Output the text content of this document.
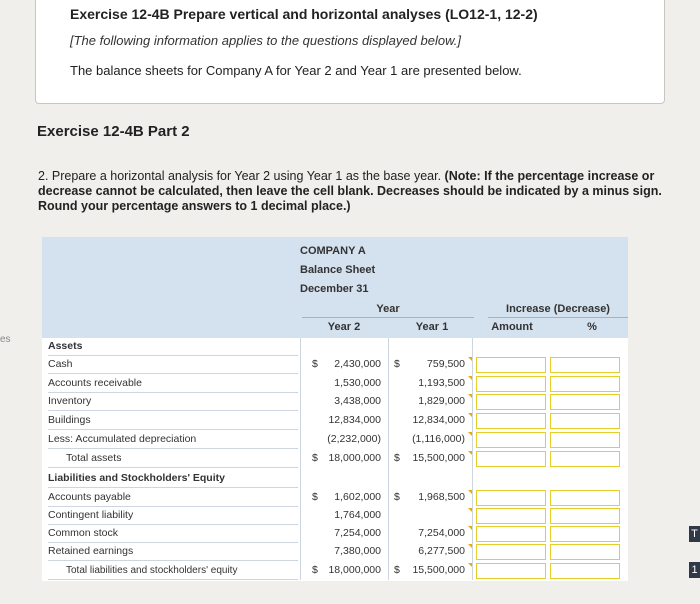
Exercise 12-4B Prepare vertical and horizontal analyses (LO12-1, 12-2)
[The following information applies to the questions displayed below.]
The balance sheets for Company A for Year 2 and Year 1 are presented below.
Exercise 12-4B Part 2
2. Prepare a horizontal analysis for Year 2 using Year 1 as the base year. (Note: If the percentage increase or decrease cannot be calculated, then leave the cell blank. Decreases should be indicated by a minus sign. Round your percentage answers to 1 decimal place.)
es
T
1
COMPANY A
Balance Sheet
December 31
Year
Year 2	Year 1
Increase (Decrease)
Amount	%
Assets
Cash	$	2,430,000 $	759,500
Accounts receivable	1,530,000	1,193,500
Inventory	3,438,000	1,829,000
Buildings	12,834,000	12,834,000
Less: Accumulated depreciation	(2,232,000)	(1,116,000)
Total assets	$	18,000,000 $	15,500,000
Liabilities and Stockholders' Equity
Accounts payable	$	1,602,000 $	1,968,500
Contingent liability	1,764,000
Common stock	7,254,000	7,254,000
Retained earnings	7,380,000	6,277,500
Total liabilities and stockholders' equity	$	18,000,000 $	15,500,000
